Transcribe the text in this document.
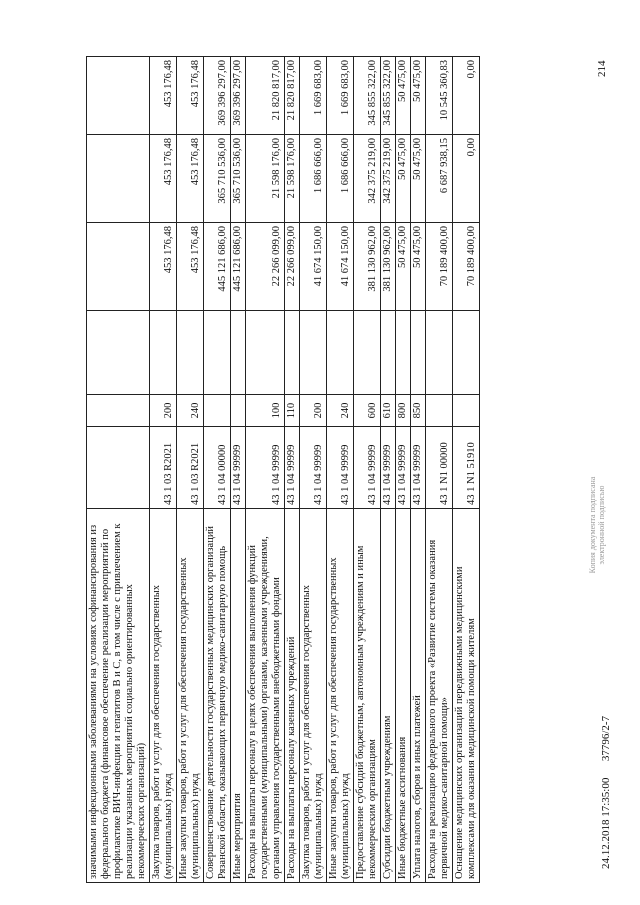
значимыми инфекционными заболеваниями на условиях софинансирования из федерального бюджета (финансовое обеспечение реализации мероприятий по профилактике ВИЧ-инфекции и гепатитов В и С, в том числе с привлечением к реализации указанных мероприятий социально ориентированных некоммерческих организаций)						
Закупка товаров, работ и услуг для обеспечения государственных (муниципальных) нужд	43 1 03 R2021	200		453 176,48	453 176,48	453 176,48
Иные закупки товаров, работ и услуг для обеспечения государственных (муниципальных) нужд	43 1 03 R2021	240		453 176,48	453 176,48	453 176,48
Совершенствование деятельности государственных медицинских организаций Рязанской области, оказывающих первичную медико-санитарную помощь	43 1 04 00000			445 121 686,00	365 710 536,00	369 396 297,00
Иные мероприятия	43 1 04 99999			445 121 686,00	365 710 536,00	369 396 297,00
Расходы на выплаты персоналу в целях обеспечения выполнения функций государственными (муниципальными) органами, казенными учреждениями, органами управления государственными внебюджетными фондами	43 1 04 99999	100		22 266 099,00	21 598 176,00	21 820 817,00
Расходы на выплаты персоналу казенных учреждений	43 1 04 99999	110		22 266 099,00	21 598 176,00	21 820 817,00
Закупка товаров, работ и услуг для обеспечения государственных (муниципальных) нужд	43 1 04 99999	200		41 674 150,00	1 686 666,00	1 669 683,00
Иные закупки товаров, работ и услуг для обеспечения государственных (муниципальных) нужд	43 1 04 99999	240		41 674 150,00	1 686 666,00	1 669 683,00
Предоставление субсидий бюджетным, автономным учреждениям и иным некоммерческим организациям	43 1 04 99999	600		381 130 962,00	342 375 219,00	345 855 322,00
Субсидии бюджетным учреждениям	43 1 04 99999	610		381 130 962,00	342 375 219,00	345 855 322,00
Иные бюджетные ассигнования	43 1 04 99999	800		50 475,00	50 475,00	50 475,00
Уплата налогов, сборов и иных платежей	43 1 04 99999	850		50 475,00	50 475,00	50 475,00
Расходы на реализацию федерального проекта «Развитие системы оказания первичной медико-санитарной помощи»	43 1 N1 00000			70 189 400,00	6 687 938,15	10 545 360,83
Оснащение медицинских организаций передвижными медицинскими комплексами для оказания медицинской помощи жителям	43 1 N1 51910			70 189 400,00	0,00	0,00
24.12.2018 17:35:00      37796/2-7
Копия документа подписана электронной подписью
214
